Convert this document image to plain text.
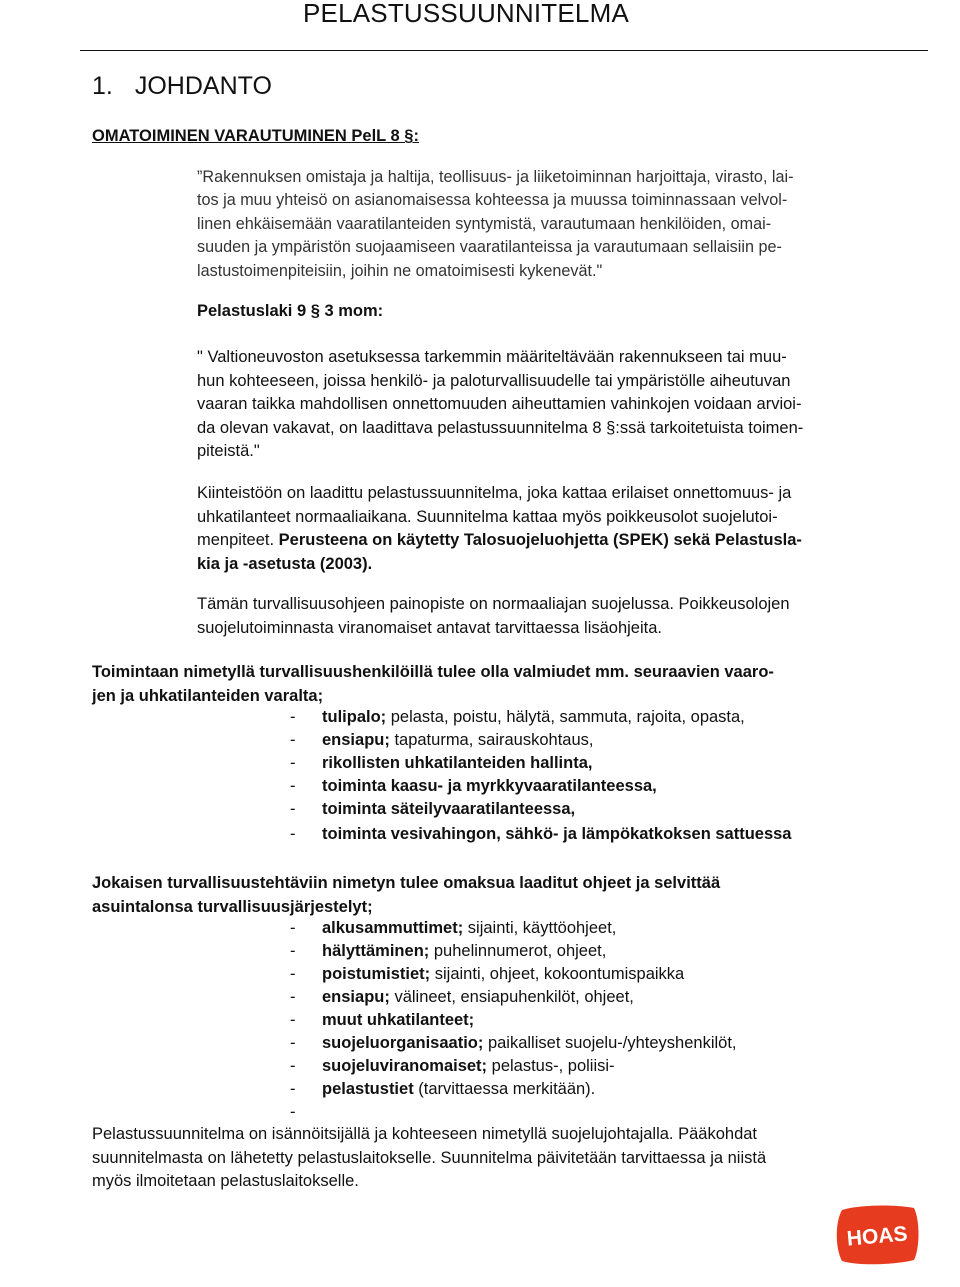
PELASTUSSUUNNITELMA
1. JOHDANTO
OMATOIMINEN VARAUTUMINEN PelL 8 §:
”Rakennuksen omistaja ja haltija, teollisuus- ja liiketoiminnan harjoittaja, virasto, lai-
tos ja muu yhteisö on asianomaisessa kohteessa ja muussa toiminnassaan velvol-
linen ehkäisemään vaaratilanteiden syntymistä, varautumaan henkilöiden, omai-
suuden ja ympäristön suojaamiseen vaaratilanteissa ja varautumaan sellaisiin pe-
lastustoimenpiteisiin, joihin ne omatoimisesti kykenevät."
Pelastuslaki 9 § 3 mom:
" Valtioneuvoston asetuksessa tarkemmin määriteltävään rakennukseen tai muu-
hun kohteeseen, joissa henkilö- ja paloturvallisuudelle tai ympäristölle aiheutuvan
vaaran taikka mahdollisen onnettomuuden aiheuttamien vahinkojen voidaan arvioi-
da olevan vakavat, on laadittava pelastussuunnitelma 8 §:ssä tarkoitetuista toimen-
piteistä."
Kiinteistöön on laadittu pelastussuunnitelma, joka kattaa erilaiset onnettomuus- ja
uhkatilanteet normaaliaikana. Suunnitelma kattaa myös poikkeusolot suojelutoi-
menpiteet. Perusteena on käytetty Talosuojeluohjetta (SPEK) sekä Pelastusla-
kia ja -asetusta (2003).
Tämän turvallisuusohjeen painopiste on normaaliajan suojelussa. Poikkeusolojen
suojelutoiminnasta viranomaiset antavat tarvittaessa lisäohjeita.
Toimintaan nimetyllä turvallisuushenkilöillä tulee olla valmiudet mm. seuraavien vaaro-
jen ja uhkatilanteiden varalta;
-	tulipalo; pelasta, poistu, hälytä, sammuta, rajoita, opasta,
-	ensiapu; tapaturma, sairauskohtaus,
-	rikollisten uhkatilanteiden hallinta,
-	toiminta kaasu- ja myrkkyvaaratilanteessa,
-	toiminta säteilyvaaratilanteessa,
-	toiminta vesivahingon, sähkö- ja lämpökatkoksen sattuessa
Jokaisen turvallisuustehtäviin nimetyn tulee omaksua laaditut ohjeet ja selvittää
asuintalonsa turvallisuusjärjestelyt;
-	alkusammuttimet; sijainti, käyttöohjeet,
-	hälyttäminen; puhelinnumerot, ohjeet,
-	poistumistiet; sijainti, ohjeet, kokoontumispaikka
-	ensiapu; välineet, ensiapuhenkilöt, ohjeet,
-	muut uhkatilanteet;
-	suojeluorganisaatio; paikalliset suojelu-/yhteyshenkilöt,
-	suojeluviranomaiset; pelastus-, poliisi-
-	pelastustiet (tarvittaessa merkitään).
-
Pelastussuunnitelma on isännöitsijällä ja kohteeseen nimetyllä suojelujohtajalla. Pääkohdat
suunnitelmasta on lähetetty pelastuslaitokselle. Suunnitelma päivitetään tarvittaessa ja niistä
myös ilmoitetaan pelastuslaitokselle.
HOAS
